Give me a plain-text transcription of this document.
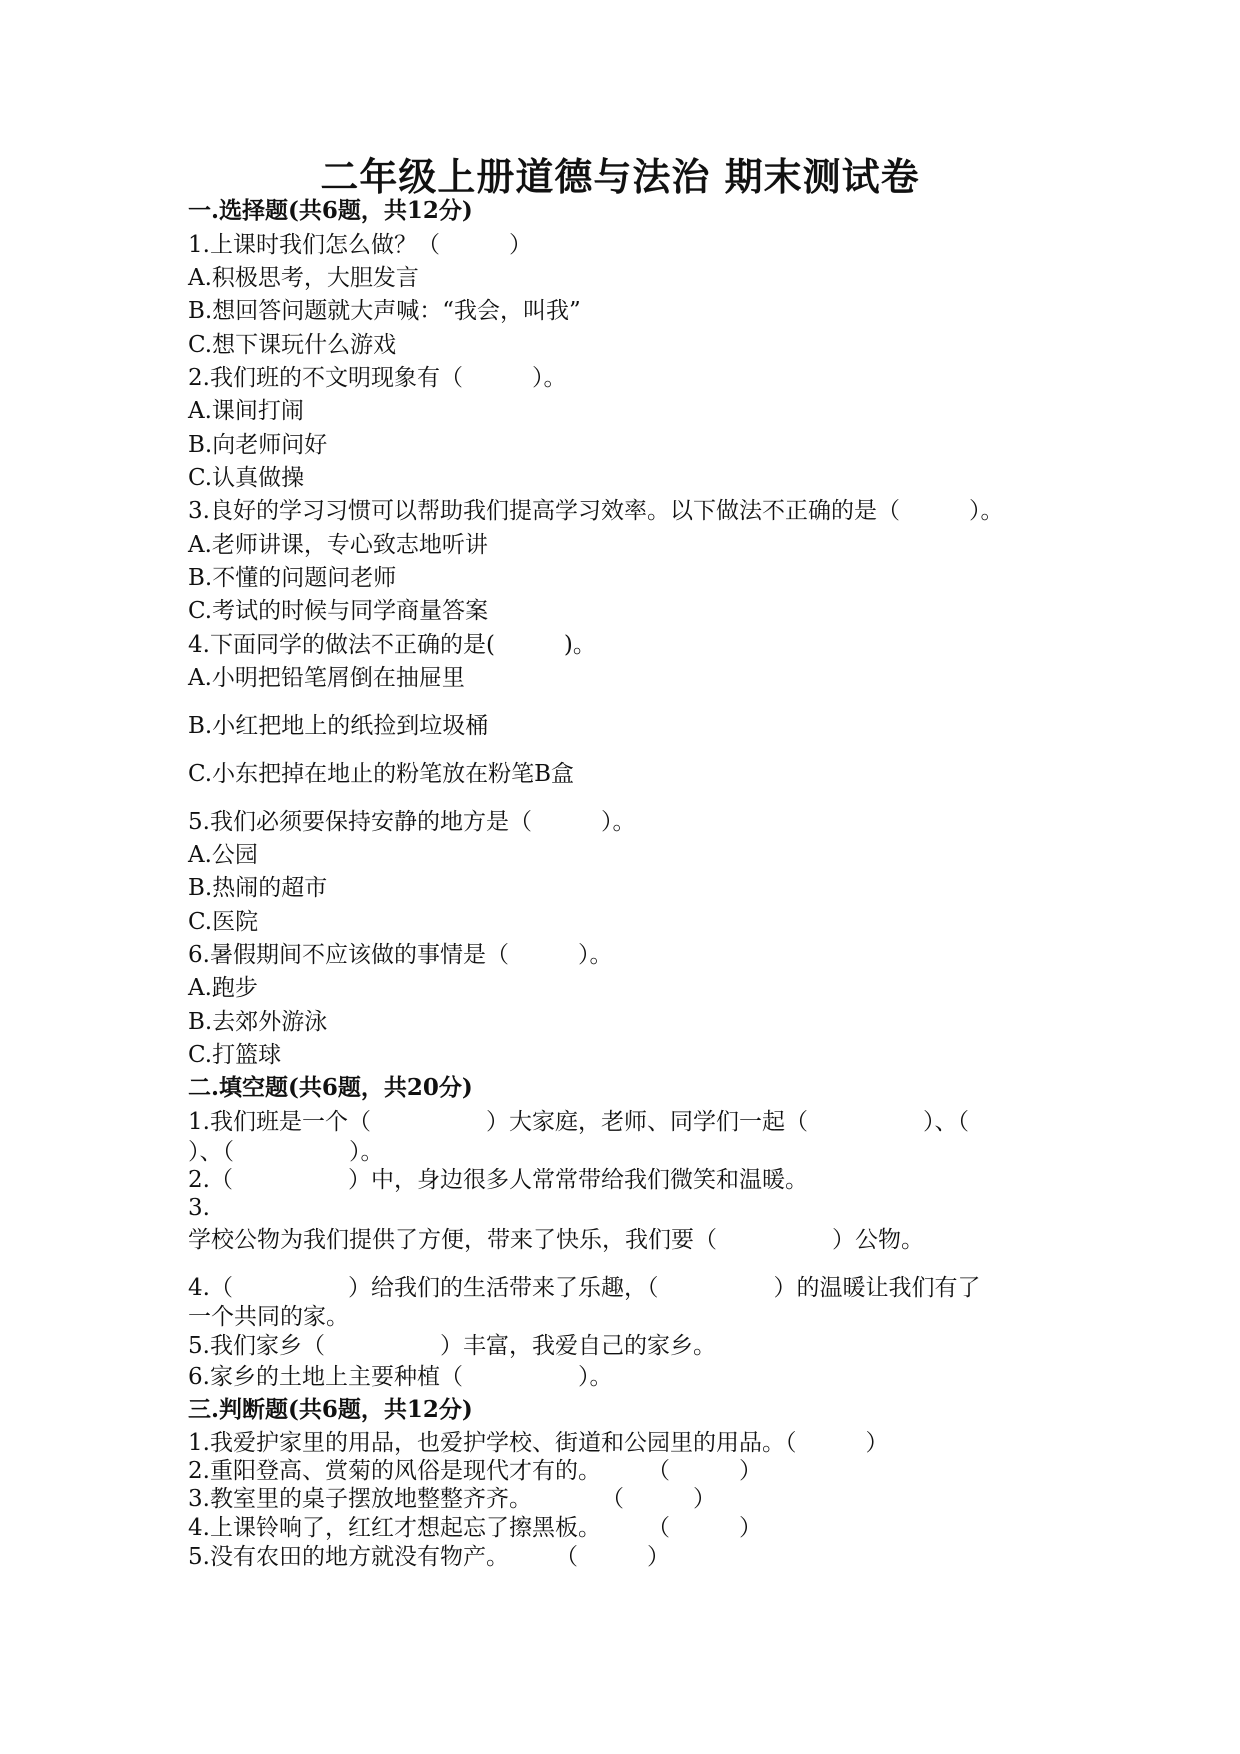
二年级上册道德与法治 期末测试卷
一.选择题(共6题，共12分)
1.上课时我们怎么做？（　　　）
A.积极思考，大胆发言
B.想回答问题就大声喊：“我会，叫我”
C.想下课玩什么游戏
2.我们班的不文明现象有（　　　）。
A.课间打闹
B.向老师问好
C.认真做操
3.良好的学习习惯可以帮助我们提高学习效率。以下做法不正确的是（　　　）。
A.老师讲课，专心致志地听讲
B.不懂的问题问老师
C.考试的时候与同学商量答案
4.下面同学的做法不正确的是(　　　)。
A.小明把铅笔屑倒在抽屉里
B.小红把地上的纸捡到垃圾桶
C.小东把掉在地止的粉笔放在粉笔B盒
5.我们必须要保持安静的地方是（　　　）。
A.公园
B.热闹的超市
C.医院
6.暑假期间不应该做的事情是（　　　）。
A.跑步
B.去郊外游泳
C.打篮球
二.填空题(共6题，共20分)
1.我们班是一个（　　　　　）大家庭，老师、同学们一起（　　　　　）、（
）、（　　　　　）。
2.（　　　　　）中，身边很多人常常带给我们微笑和温暖。
3.
学校公物为我们提供了方便，带来了快乐，我们要（　　　　　）公物。
4.（　　　　　）给我们的生活带来了乐趣，（　　　　　）的温暖让我们有了
一个共同的家。
5.我们家乡（　　　　　）丰富，我爱自己的家乡。
6.家乡的土地上主要种植（　　　　　）。
三.判断题(共6题，共12分)
1.我爱护家里的用品，也爱护学校、街道和公园里的用品。（　　　）
2.重阳登高、赏菊的风俗是现代才有的。　　　（　　　）
3.教室里的桌子摆放地整整齐齐。　　　　（　　　）
4.上课铃响了，红红才想起忘了擦黑板。　　　（　　　）
5.没有农田的地方就没有物产。　　　（　　　）
